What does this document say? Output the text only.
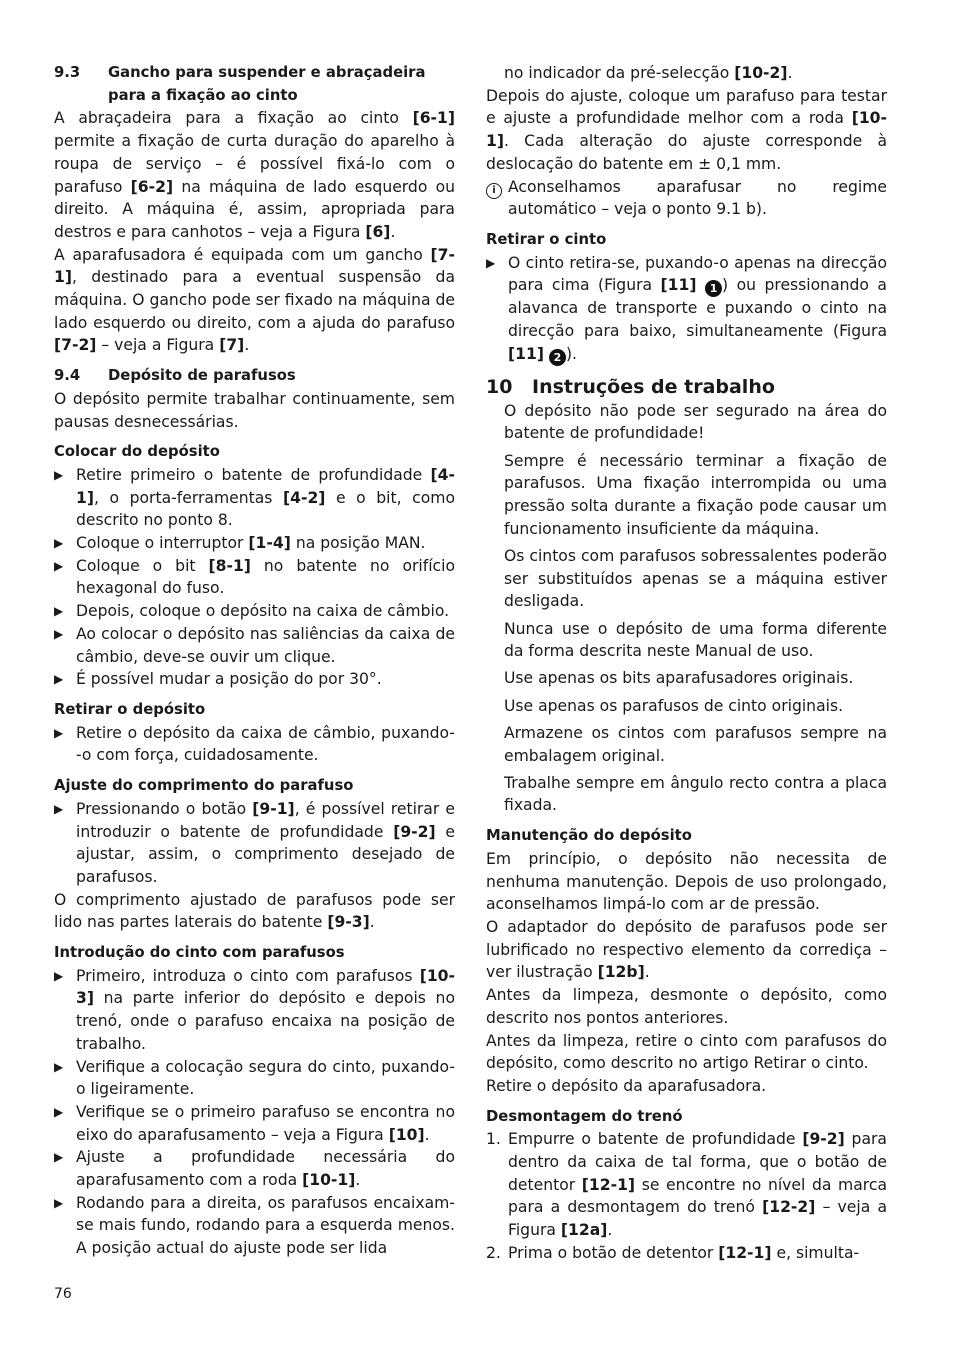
9.3	Gancho para suspender e abraçadeira para a fixação ao cinto

A abraçadeira para a fixação ao cinto [6-1] permite a fixação de curta duração do aparelho à roupa de serviço – é possível fixá-lo com o parafuso [6-2] na máquina de lado esquerdo ou direito. A máquina é, assim, apropriada para destros e para canhotos – veja a Figura [6].

A aparafusadora é equipada com um gancho [7-1], destinado para a eventual suspensão da máquina. O gancho pode ser fixado na máquina de lado esquerdo ou direito, com a ajuda do parafuso [7-2] – veja a Figura [7].

9.4	Depósito de parafusos

O depósito permite trabalhar continuamente, sem pausas desnecessárias.

Colocar do depósito
▶ Retire primeiro o batente de profundidade [4-1], o porta-ferramentas [4-2] e o bit, como descrito no ponto 8.
▶ Coloque o interruptor [1-4] na posição MAN.
▶ Coloque o bit [8-1] no batente no orifício hexagonal do fuso.
▶ Depois, coloque o depósito na caixa de câmbio.
▶ Ao colocar o depósito nas saliências da caixa de câmbio, deve-se ouvir um clique.
▶ É possível mudar a posição do por 30°.
Retirar o depósito
▶ Retire o depósito da caixa de câmbio, puxando--o com força, cuidadosamente.
Ajuste do comprimento do parafuso
▶ Pressionando o botão [9-1], é possível retirar e introduzir o batente de profundidade [9-2] e ajustar, assim, o comprimento desejado de parafusos.

O comprimento ajustado de parafusos pode ser lido nas partes laterais do batente [9-3].

Introdução do cinto com parafusos
▶ Primeiro, introduza o cinto com parafusos [10-3] na parte inferior do depósito e depois no trenó, onde o parafuso encaixa na posição de trabalho.
▶ Verifique a colocação segura do cinto, puxando-o ligeiramente.
▶ Verifique se o primeiro parafuso se encontra no eixo do aparafusamento – veja a Figura [10].
▶ Ajuste a profundidade necessária do aparafusamento com a roda [10-1].
▶ Rodando para a direita, os parafusos encaixam-se mais fundo, rodando para a esquerda menos. A posição actual do ajuste pode ser lida

no indicador da pré-selecção [10-2].

Depois do ajuste, coloque um parafuso para testar e ajuste a profundidade melhor com a roda [10-1]. Cada alteração do ajuste corresponde à deslocação do batente em ± 0,1 mm.

i Aconselhamos aparafusar no regime automático – veja o ponto 9.1 b).
Retirar o cinto
▶ O cinto retira-se, puxando-o apenas na direcção para cima (Figura [11] 1 ) ou pressionando a alavanca de transporte e puxando o cinto na direcção para baixo, simultaneamente (Figura [11] 2 ).
10	Instruções de trabalho

O depósito não pode ser segurado na área do batente de profundidade!

Sempre é necessário terminar a fixação de parafusos. Uma fixação interrompida ou uma pressão solta durante a fixação pode causar um funcionamento insuficiente da máquina.

Os cintos com parafusos sobressalentes poderão ser substituídos apenas se a máquina estiver desligada.

Nunca use o depósito de uma forma diferente da forma descrita neste Manual de uso.

Use apenas os bits aparafusadores originais.

Use apenas os parafusos de cinto originais.

Armazene os cintos com parafusos sempre na embalagem original.

Trabalhe sempre em ângulo recto contra a placa fixada.

Manutenção do depósito

Em princípio, o depósito não necessita de nenhuma manutenção. Depois de uso prolongado, aconselhamos limpá-lo com ar de pressão.

O adaptador do depósito de parafusos pode ser lubrificado no respectivo elemento da corrediça – ver ilustração [12b].

Antes da limpeza, desmonte o depósito, como descrito nos pontos anteriores.

Antes da limpeza, retire o cinto com parafusos do depósito, como descrito no artigo Retirar o cinto.

Retire o depósito da aparafusadora.

Desmontagem do trenó
1. Empurre o batente de profundidade [9-2] para dentro da caixa de tal forma, que o botão de detentor [12-1] se encontre no nível da marca para a desmontagem do trenó [12-2] – veja a Figura [12a].
2. Prima o botão de detentor [12-1] e, simulta-
76
